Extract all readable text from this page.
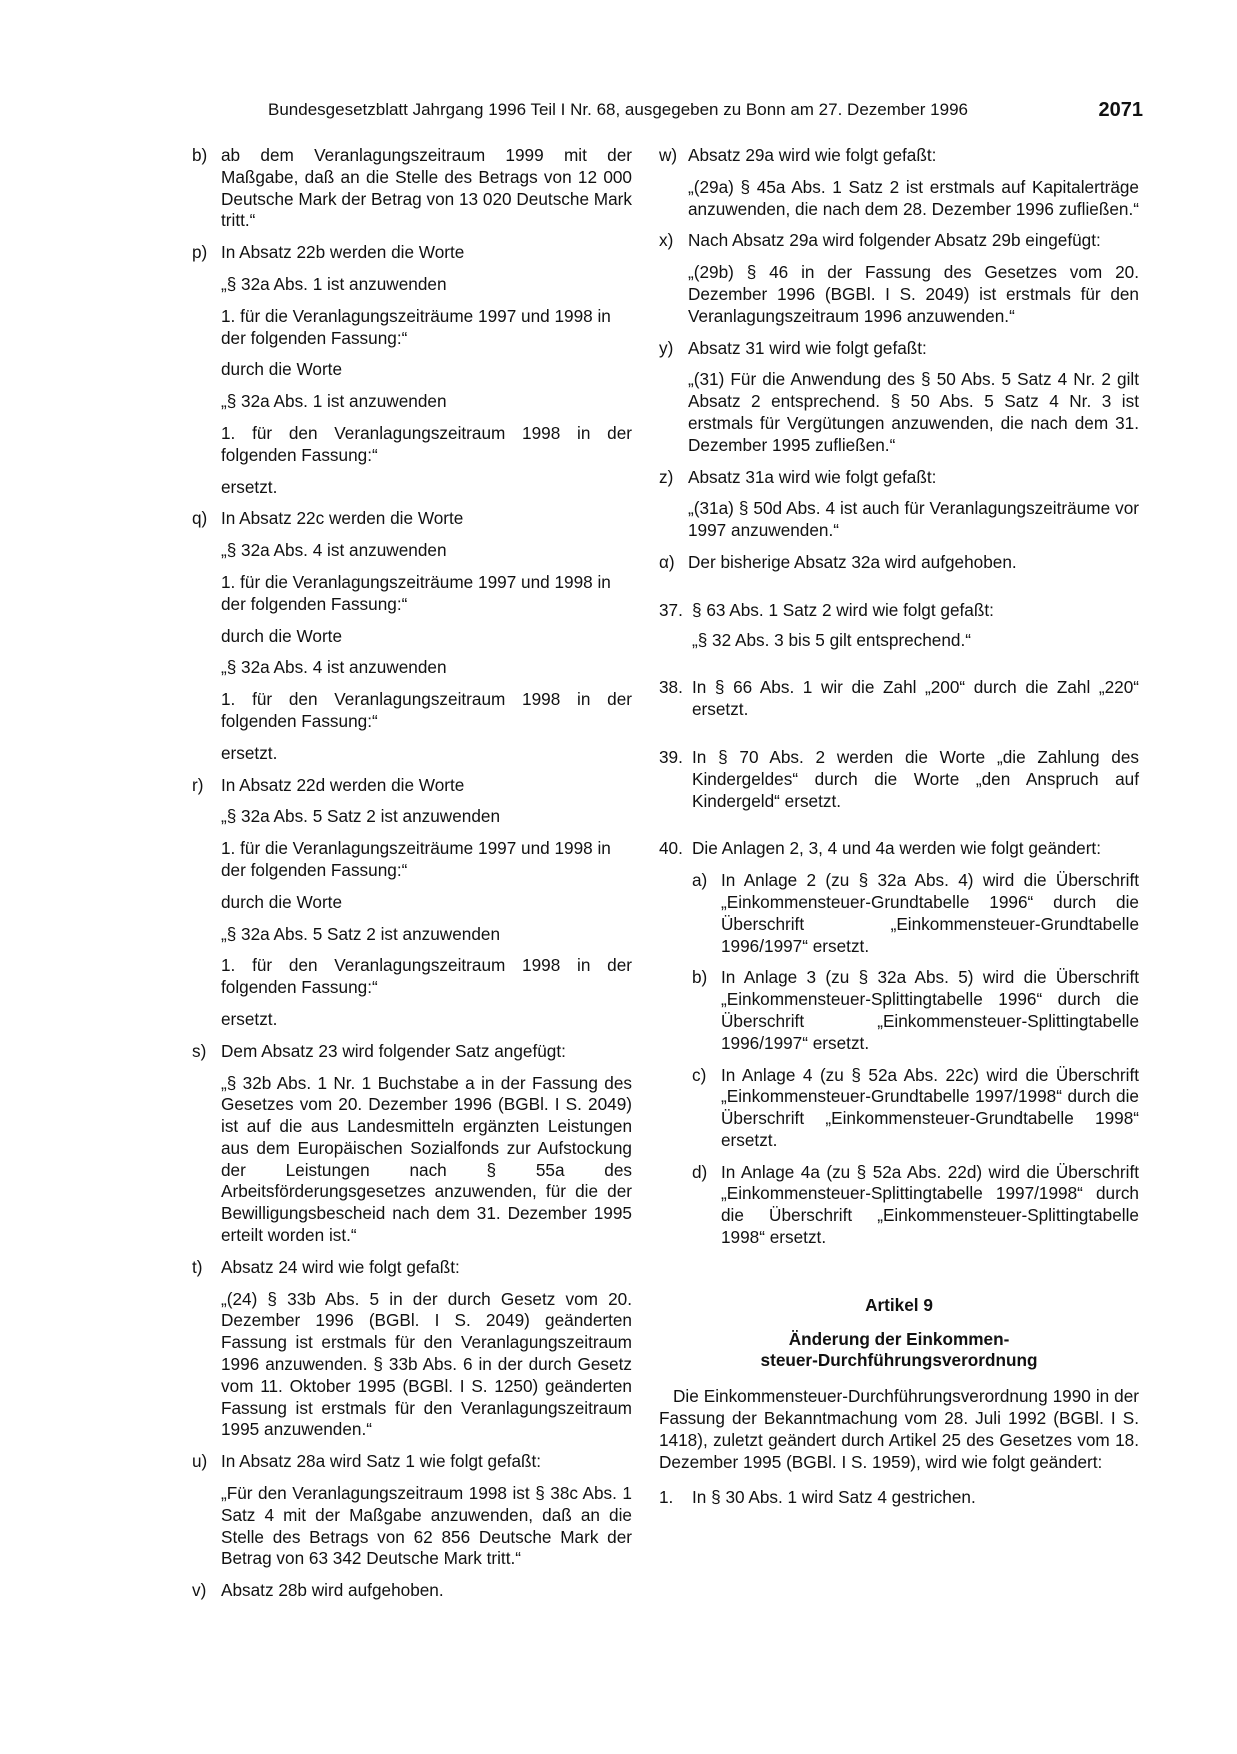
Bundesgesetzblatt Jahrgang 1996 Teil I Nr. 68, ausgegeben zu Bonn am 27. Dezember 1996	2071
b) ab dem Veranlagungszeitraum 1999 mit der Maßgabe, daß an die Stelle des Betrags von 12 000 Deutsche Mark der Betrag von 13 020 Deutsche Mark tritt.“

p) In Absatz 22b werden die Worte

„§ 32a Abs. 1 ist anzuwenden

1. für die Veranlagungszeiträume 1997 und 1998 in der folgenden Fassung:“

durch die Worte

„§ 32a Abs. 1 ist anzuwenden

1. für den Veranlagungszeitraum 1998 in der folgenden Fassung:“

ersetzt.

q) In Absatz 22c werden die Worte

„§ 32a Abs. 4 ist anzuwenden

1. für die Veranlagungszeiträume 1997 und 1998 in der folgenden Fassung:“

durch die Worte

„§ 32a Abs. 4 ist anzuwenden

1. für den Veranlagungszeitraum 1998 in der folgenden Fassung:“

ersetzt.

r) In Absatz 22d werden die Worte

„§ 32a Abs. 5 Satz 2 ist anzuwenden

1. für die Veranlagungszeiträume 1997 und 1998 in der folgenden Fassung:“

durch die Worte

„§ 32a Abs. 5 Satz 2 ist anzuwenden

1. für den Veranlagungszeitraum 1998 in der folgenden Fassung:“

ersetzt.

s) Dem Absatz 23 wird folgender Satz angefügt:

„§ 32b Abs. 1 Nr. 1 Buchstabe a in der Fassung des Gesetzes vom 20. Dezember 1996 (BGBl. I S. 2049) ist auf die aus Landesmitteln ergänzten Leistungen aus dem Europäischen Sozialfonds zur Aufstockung der Leistungen nach § 55a des Arbeitsförderungsgesetzes anzuwenden, für die der Bewilligungsbescheid nach dem 31. Dezember 1995 erteilt worden ist.“

t) Absatz 24 wird wie folgt gefaßt:

„(24) § 33b Abs. 5 in der durch Gesetz vom 20. Dezember 1996 (BGBl. I S. 2049) geänderten Fassung ist erstmals für den Veranlagungszeitraum 1996 anzuwenden. § 33b Abs. 6 in der durch Gesetz vom 11. Oktober 1995 (BGBl. I S. 1250) geänderten Fassung ist erstmals für den Veranlagungszeitraum 1995 anzuwenden.“

u) In Absatz 28a wird Satz 1 wie folgt gefaßt:

„Für den Veranlagungszeitraum 1998 ist § 38c Abs. 1 Satz 4 mit der Maßgabe anzuwenden, daß an die Stelle des Betrags von 62 856 Deutsche Mark der Betrag von 63 342 Deutsche Mark tritt.“

v) Absatz 28b wird aufgehoben.

w) Absatz 29a wird wie folgt gefaßt:

„(29a) § 45a Abs. 1 Satz 2 ist erstmals auf Kapitalerträge anzuwenden, die nach dem 28. Dezember 1996 zufließen.“

x) Nach Absatz 29a wird folgender Absatz 29b eingefügt:

„(29b) § 46 in der Fassung des Gesetzes vom 20. Dezember 1996 (BGBl. I S. 2049) ist erstmals für den Veranlagungszeitraum 1996 anzuwenden.“

y) Absatz 31 wird wie folgt gefaßt:

„(31) Für die Anwendung des § 50 Abs. 5 Satz 4 Nr. 2 gilt Absatz 2 entsprechend. § 50 Abs. 5 Satz 4 Nr. 3 ist erstmals für Vergütungen anzuwenden, die nach dem 31. Dezember 1995 zufließen.“

z) Absatz 31a wird wie folgt gefaßt:

„(31a) § 50d Abs. 4 ist auch für Veranlagungszeiträume vor 1997 anzuwenden.“

α) Der bisherige Absatz 32a wird aufgehoben.

37. § 63 Abs. 1 Satz 2 wird wie folgt gefaßt:

„§ 32 Abs. 3 bis 5 gilt entsprechend.“

38. In § 66 Abs. 1 wir die Zahl „200“ durch die Zahl „220“ ersetzt.

39. In § 70 Abs. 2 werden die Worte „die Zahlung des Kindergeldes“ durch die Worte „den Anspruch auf Kindergeld“ ersetzt.

40. Die Anlagen 2, 3, 4 und 4a werden wie folgt geändert:

a) In Anlage 2 (zu § 32a Abs. 4) wird die Überschrift „Einkommensteuer-Grundtabelle 1996“ durch die Überschrift „Einkommensteuer-Grundtabelle 1996/1997“ ersetzt.

b) In Anlage 3 (zu § 32a Abs. 5) wird die Überschrift „Einkommensteuer-Splittingtabelle 1996“ durch die Überschrift „Einkommensteuer-Splittingtabelle 1996/1997“ ersetzt.

c) In Anlage 4 (zu § 52a Abs. 22c) wird die Überschrift „Einkommensteuer-Grundtabelle 1997/1998“ durch die Überschrift „Einkommensteuer-Grundtabelle 1998“ ersetzt.

d) In Anlage 4a (zu § 52a Abs. 22d) wird die Überschrift „Einkommensteuer-Splittingtabelle 1997/1998“ durch die Überschrift „Einkommensteuer-Splittingtabelle 1998“ ersetzt.

Artikel 9

Änderung der Einkommen-

steuer-Durchführungsverordnung

Die Einkommensteuer-Durchführungsverordnung 1990 in der Fassung der Bekanntmachung vom 28. Juli 1992 (BGBl. I S. 1418), zuletzt geändert durch Artikel 25 des Gesetzes vom 18. Dezember 1995 (BGBl. I S. 1959), wird wie folgt geändert:

1. In § 30 Abs. 1 wird Satz 4 gestrichen.
